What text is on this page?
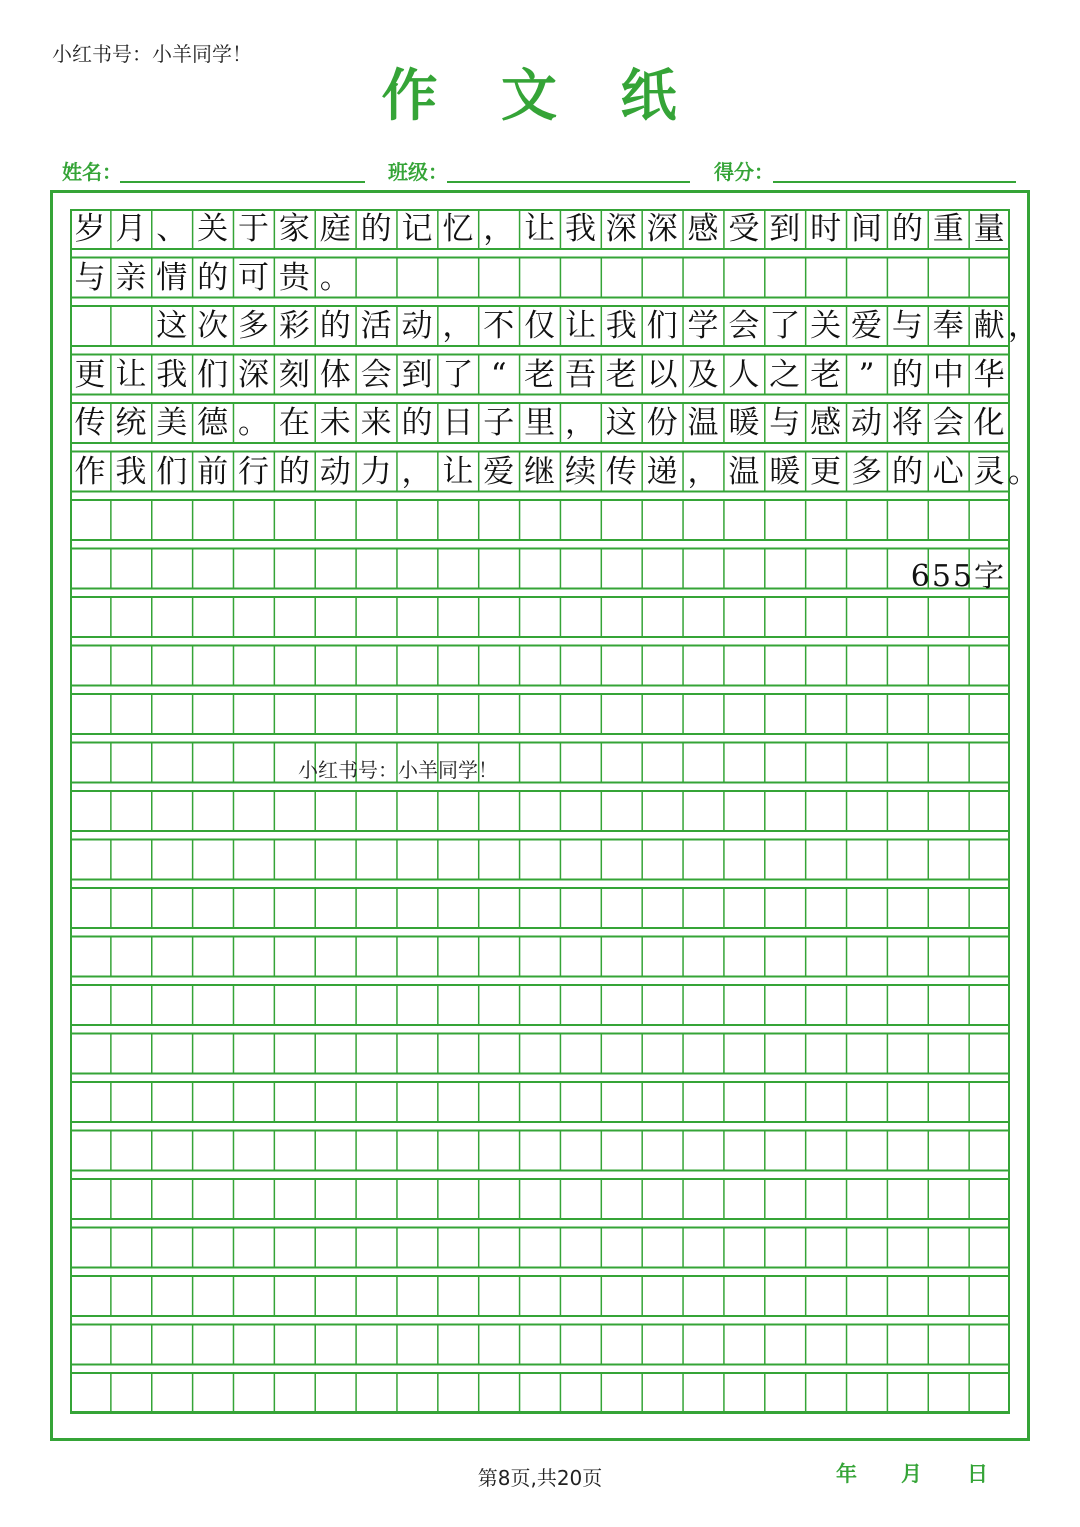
小红书号：小羊同学！
作 文 纸
姓名：	班级：	得分：
岁 月 、 关 于 家 庭 的 记 忆 ， 让 我 深 深 感 受 到 时 间 的 重 量
与 亲 情 的 可 贵 。
这 次 多 彩 的 活 动 ， 不 仅 让 我 们 学 会 了 关 爱 与 奉 献
更 让 我 们 深 刻 体 会 到 了 “ 老 吾 老 以 及 人 之 老 ” 的 中 华
传 统 美 德 。 在 未 来 的 日 子 里 ， 这 份 温 暖 与 感 动 将 会 化
作 我 们 前 行 的 动 力 ， 让 爱 继 续 传 递 ， 温 暖 更 多 的 心 灵
，
。
655字
小红书号：小羊同学！
第8页,共20页	年 月 日
